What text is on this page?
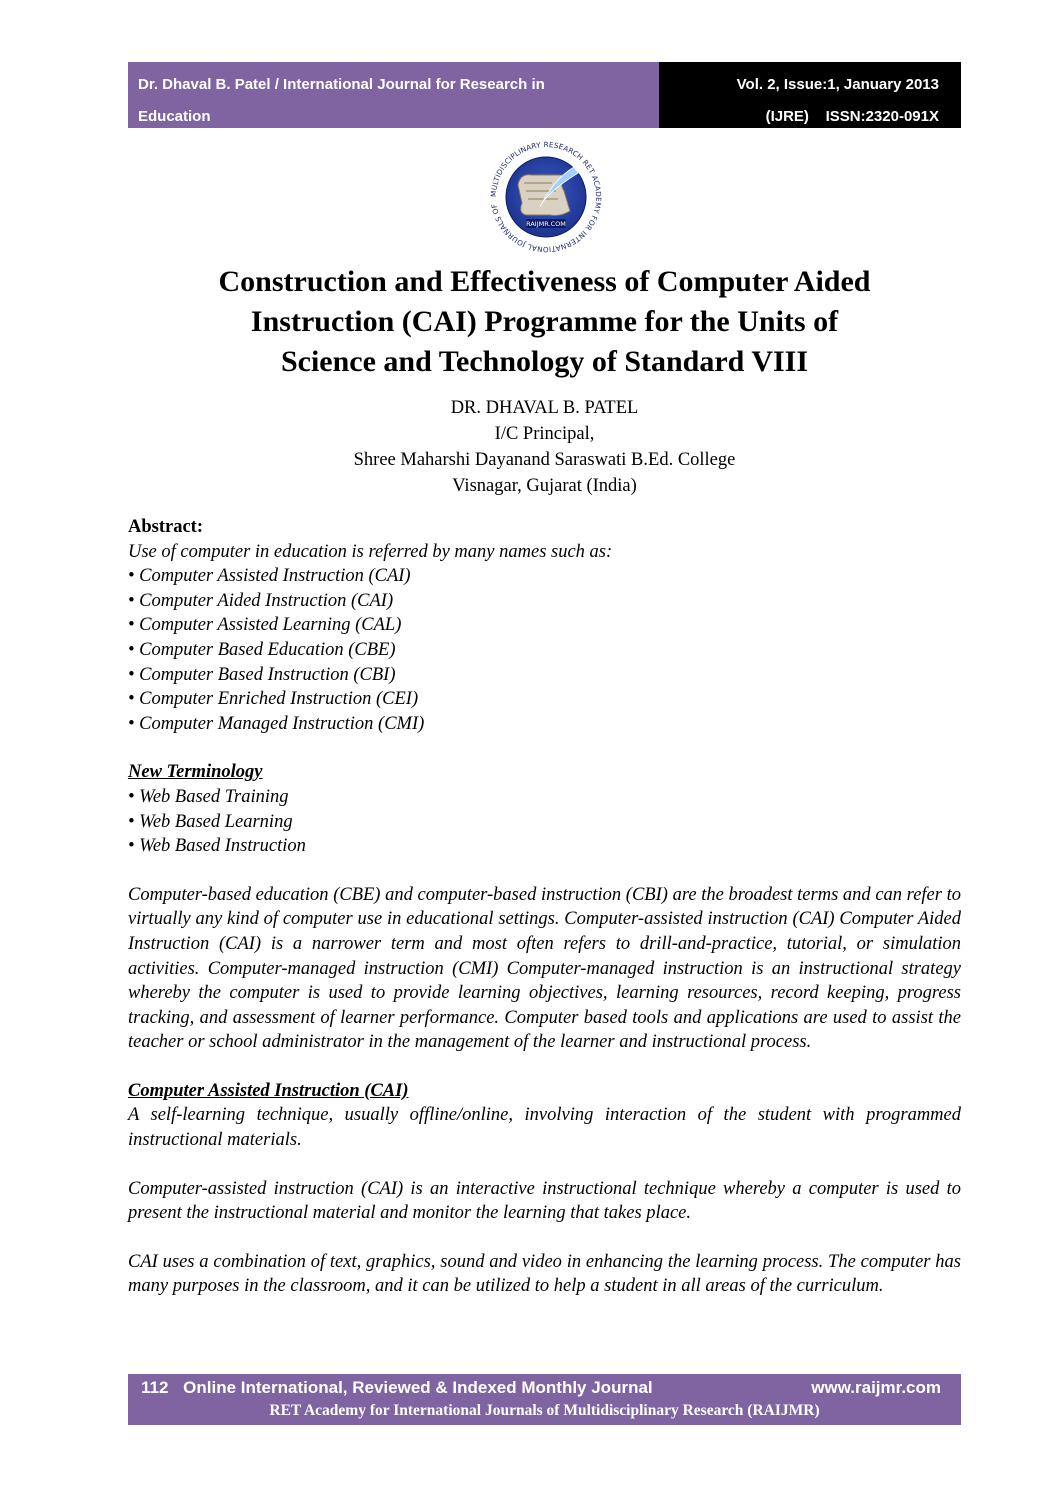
Dr. Dhaval B. Patel / International Journal for Research in
Education
Vol. 2, Issue:1, January 2013
(IJRE)    ISSN:2320-091X
MULTIDISCIPLINARY RESEARCH RET ACADEMY FOR INTERNATIONAL JOURNALS OF
RAIJMR.COM
Construction and Effectiveness of Computer Aided
Instruction (CAI) Programme for the Units of
Science and Technology of Standard VIII
DR. DHAVAL B. PATEL
I/C Principal,
Shree Maharshi Dayanand Saraswati B.Ed. College
Visnagar, Gujarat (India)
Abstract:
Use of computer in education is referred by many names such as:
• Computer Assisted Instruction (CAI)
• Computer Aided Instruction (CAI)
• Computer Assisted Learning (CAL)
• Computer Based Education (CBE)
• Computer Based Instruction (CBI)
• Computer Enriched Instruction (CEI)
• Computer Managed Instruction (CMI)
New Terminology
• Web Based Training
• Web Based Learning
• Web Based Instruction
Computer-based education (CBE) and computer-based instruction (CBI) are the broadest terms and can refer to virtually any kind of computer use in educational settings. Computer-assisted instruction (CAI) Computer Aided Instruction (CAI) is a narrower term and most often refers to drill-and-practice, tutorial, or simulation activities. Computer-managed instruction (CMI) Computer-managed instruction is an instructional strategy whereby the computer is used to provide learning objectives, learning resources, record keeping, progress tracking, and assessment of learner performance. Computer based tools and applications are used to assist the teacher or school administrator in the management of the learner and instructional process.
Computer Assisted Instruction (CAI)
A self-learning technique, usually offline/online, involving interaction of the student with programmed instructional materials.
Computer-assisted instruction (CAI) is an interactive instructional technique whereby a computer is used to present the instructional material and monitor the learning that takes place.
CAI uses a combination of text, graphics, sound and video in enhancing the learning process. The computer has many purposes in the classroom, and it can be utilized to help a student in all areas of the curriculum.
112 Online International, Reviewed & Indexed Monthly Journal	www.raijmr.com
RET Academy for International Journals of Multidisciplinary Research (RAIJMR)
